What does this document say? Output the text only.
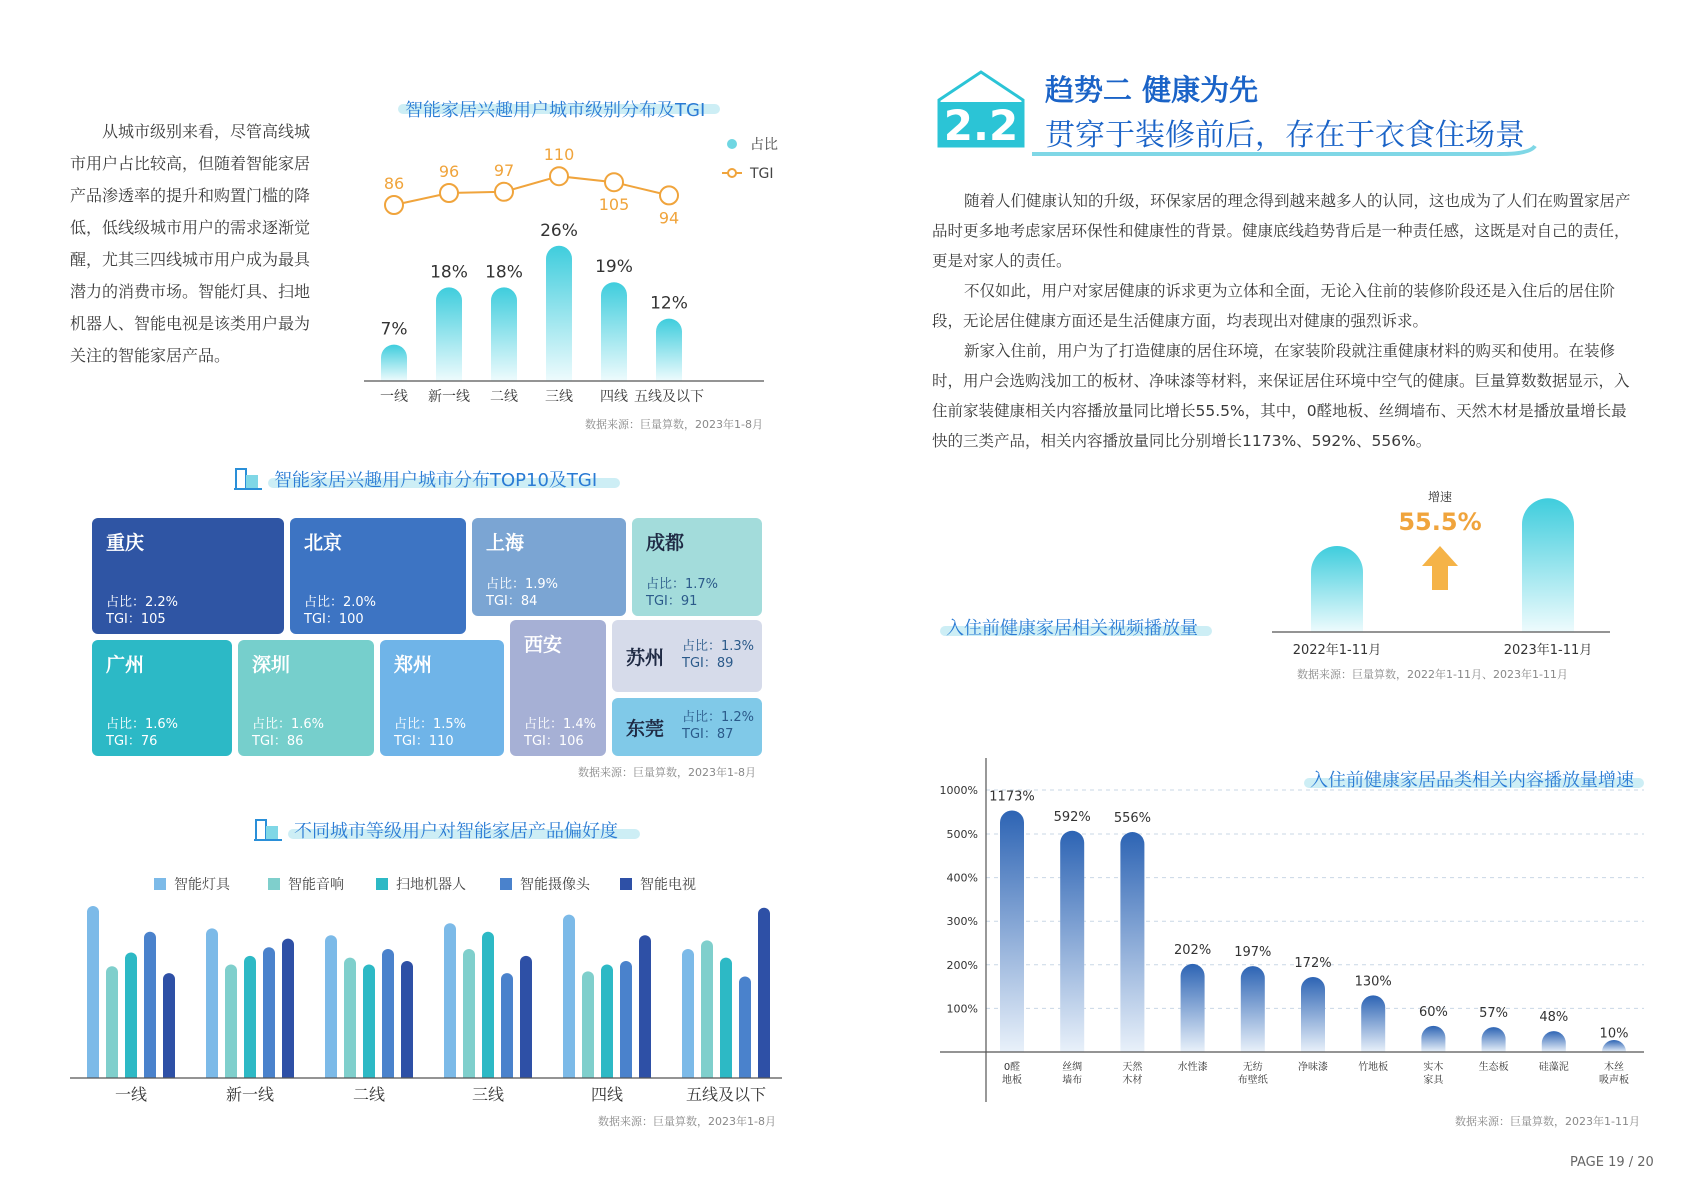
从城市级别来看，尽管高线城市用户占比较高，但随着智能家居产品渗透率的提升和购置门槛的降低，低线级城市用户的需求逐渐觉醒，尤其三四线城市用户成为最具潜力的消费市场。智能灯具、扫地机器人、智能电视是该类用户最为关注的智能家居产品。
智能家居兴趣用户城市级别分布及TGI
7%
18% 18%
26%
19%
12%
86
96 97
110
105
94
一线 新一线 二线 三线 四线 五线及以下
占比
TGI
数据来源：巨量算数，2023年1-8月
智能家居兴趣用户城市分布TOP10及TGI
重庆
占比：2.2%
TGI：105
北京
占比：2.0%
TGI：100
上海
占比：1.9%
TGI：84
成都
占比：1.7%
TGI：91
广州
占比：1.6%
TGI：76
深圳
占比：1.6%
TGI：86
郑州
占比：1.5%
TGI：110
西安
占比：1.4%
TGI：106
苏州
占比：1.3%
TGI：89
东莞
占比：1.2%
TGI：87
数据来源：巨量算数，2023年1-8月
不同城市等级用户对智能家居产品偏好度
智能灯具	智能音响	扫地机器人	智能摄像头	智能电视
一线	新一线	二线	三线	四线	五线及以下
数据来源：巨量算数，2023年1-8月
2.2
趋势二 健康为先
贯穿于装修前后，存在于衣食住场景
随着人们健康认知的升级，环保家居的理念得到越来越多人的认同，这也成为了人们在购置家居产品时更多地考虑家居环保性和健康性的背景。健康底线趋势背后是一种责任感，这既是对自己的责任，更是对家人的责任。
不仅如此，用户对家居健康的诉求更为立体和全面，无论入住前的装修阶段还是入住后的居住阶段，无论居住健康方面还是生活健康方面，均表现出对健康的强烈诉求。
新家入住前，用户为了打造健康的居住环境，在家装阶段就注重健康材料的购买和使用。在装修时，用户会选购浅加工的板材、净味漆等材料，来保证居住环境中空气的健康。巨量算数数据显示，入住前家装健康相关内容播放量同比增长55.5%，其中，0醛地板、丝绸墙布、天然木材是播放量增长最快的三类产品，相关内容播放量同比分别增长1173%、592%、556%。
入住前健康家居相关视频播放量
2022年1-11月	2023年1-11月
增速
55.5%
数据来源：巨量算数，2022年1-11月、2023年1-11月
入住前健康家居品类相关内容播放量增速
100%
200%
300%
400%
500%
1000% 1173%
592% 556%
202% 197%
172%
130%
60% 57% 48%
10%
0醛
地板
丝绸
墙布
天然
木材
水性漆	无纺
布壁纸
净味漆	竹地板	实木
家具
生态板	硅藻泥	木丝
吸声板
数据来源：巨量算数，2023年1-11月
PAGE 19 / 20
